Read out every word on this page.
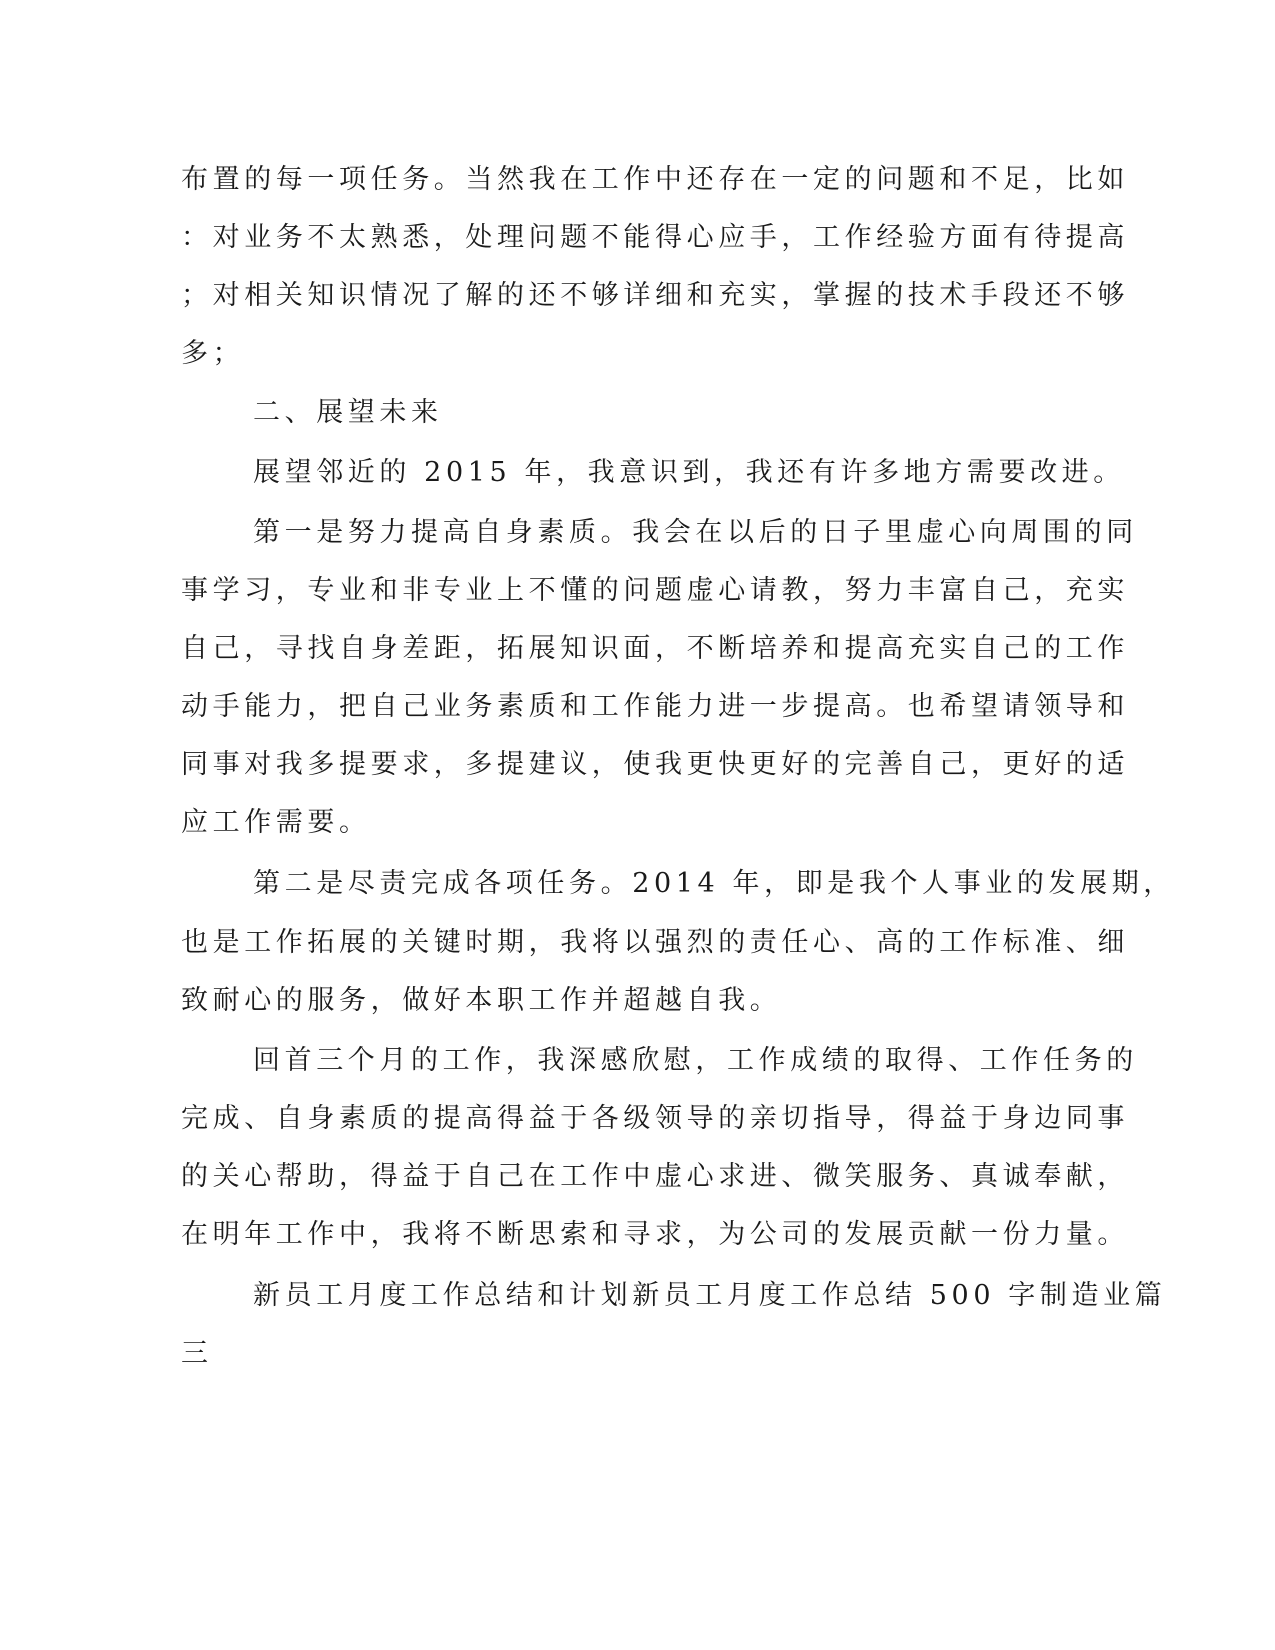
布置的每一项任务。当然我在工作中还存在一定的问题和不足，比如
：对业务不太熟悉，处理问题不能得心应手，工作经验方面有待提高
；对相关知识情况了解的还不够详细和充实，掌握的技术手段还不够
多；
二、展望未来
展望邻近的 2015 年，我意识到，我还有许多地方需要改进。
第一是努力提高自身素质。我会在以后的日子里虚心向周围的同
事学习，专业和非专业上不懂的问题虚心请教，努力丰富自己，充实
自己，寻找自身差距，拓展知识面，不断培养和提高充实自己的工作
动手能力，把自己业务素质和工作能力进一步提高。也希望请领导和
同事对我多提要求，多提建议，使我更快更好的完善自己，更好的适
应工作需要。
第二是尽责完成各项任务。2014 年，即是我个人事业的发展期，
也是工作拓展的关键时期，我将以强烈的责任心、高的工作标准、细
致耐心的服务，做好本职工作并超越自我。
回首三个月的工作，我深感欣慰，工作成绩的取得、工作任务的
完成、自身素质的提高得益于各级领导的亲切指导，得益于身边同事
的关心帮助，得益于自己在工作中虚心求进、微笑服务、真诚奉献，
在明年工作中，我将不断思索和寻求，为公司的发展贡献一份力量。
新员工月度工作总结和计划新员工月度工作总结 500 字制造业篇
三
